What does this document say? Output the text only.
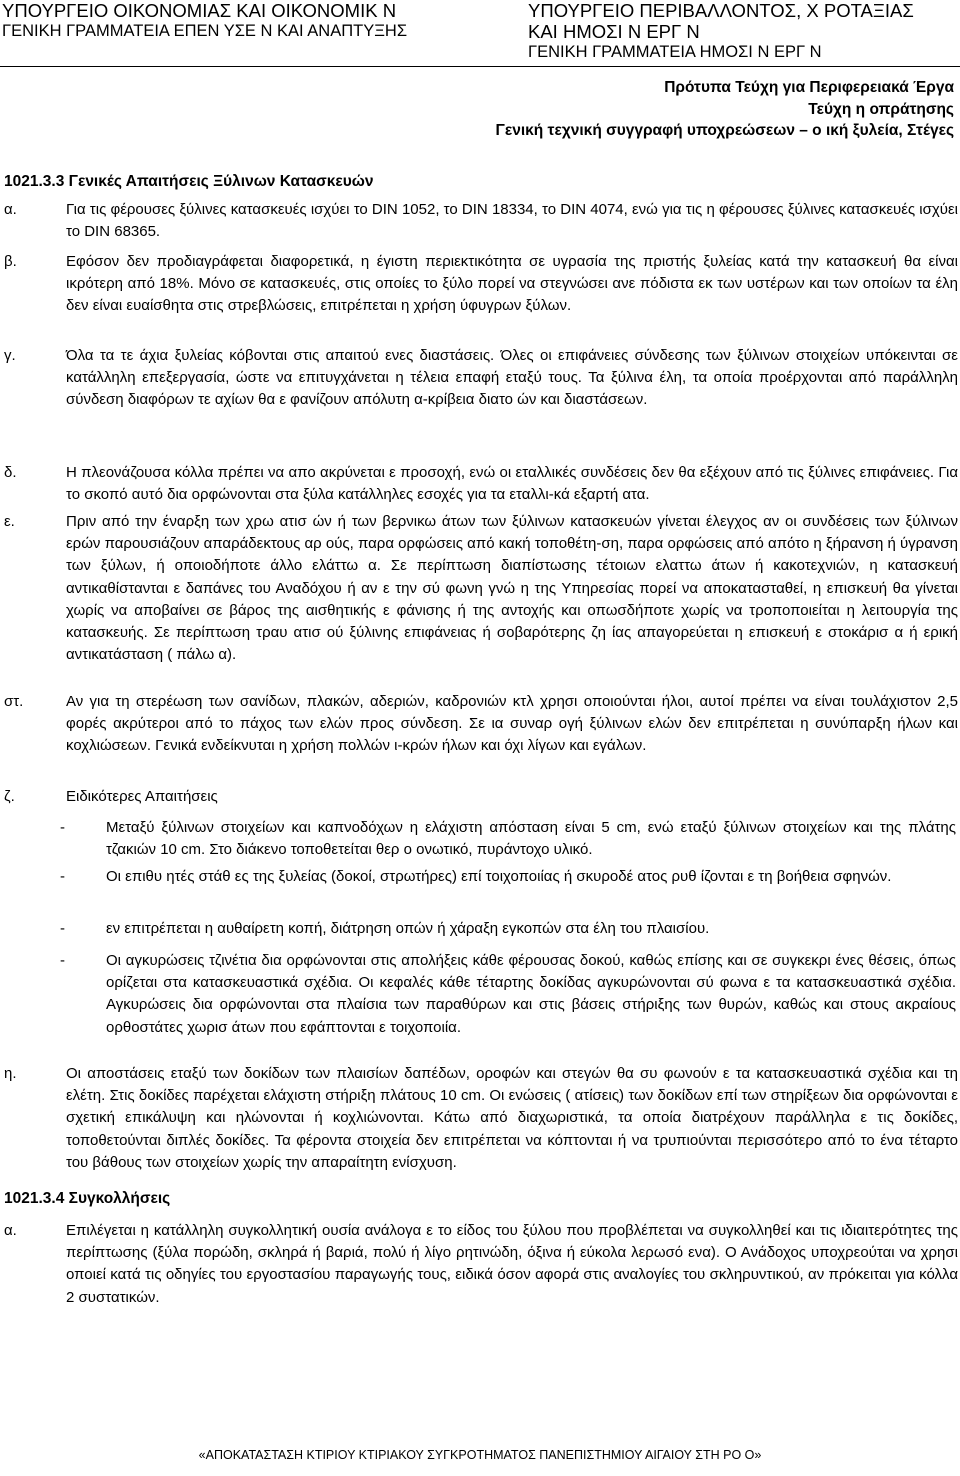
ΥΠΟΥΡΓΕΙΟ ΟΙΚΟΝΟΜΙΑΣ ΚΑΙ ΟΙΚΟΝΟΜΙΚ Ν
ΓΕΝΙΚΗ ΓΡΑΜΜΑΤΕΙΑ ΕΠΕΝ ΥΣΕ Ν ΚΑΙ ΑΝΑΠΤΥΞΗΣ
ΥΠΟΥΡΓΕΙΟ ΠΕΡΙΒΑΛΛΟΝΤΟΣ, Χ ΡΟΤΑΞΙΑΣ
ΚΑΙ ΗΜΟΣΙ Ν ΕΡΓ Ν
ΓΕΝΙΚΗ ΓΡΑΜΜΑΤΕΙΑ ΗΜΟΣΙ Ν ΕΡΓ Ν
Πρότυπα Τεύχη για Περιφερειακά Έργα
Τεύχη η οπράτησης
Γενική τεχνική συγγραφή υποχρεώσεων – ο ική ξυλεία, Στέγες
1021.3.3 Γενικές Απαιτήσεις Ξύλινων Κατασκευών
α.	Για τις φέρουσες ξύλινες κατασκευές ισχύει το DIN 1052, το DIN 18334, το DIN 4074, ενώ για τις η φέρουσες ξύλινες κατασκευές ισχύει το DIN 68365.
β.	Εφόσον δεν προδιαγράφεται διαφορετικά, η έγιστη περιεκτικότητα σε υγρασία της πριστής ξυλείας κατά την κατασκευή θα είναι ικρότερη από 18%. Μόνο σε κατασκευές, στις οποίες το ξύλο πορεί να στεγνώσει ανε πόδιστα εκ των υστέρων και των οποίων τα έλη δεν είναι ευαίσθητα στις στρεβλώσεις, επιτρέπεται η χρήση ύφυγρων ξύλων.
γ.	Όλα τα τε άχια ξυλείας κόβονται στις απαιτού ενες διαστάσεις. Όλες οι επιφάνειες σύνδεσης των ξύλινων στοιχείων υπόκεινται σε κατάλληλη επεξεργασία, ώστε να επιτυγχάνεται η τέλεια επαφή εταξύ τους. Τα ξύλινα έλη, τα οποία προέρχονται από παράλληλη σύνδεση διαφόρων τε αχίων θα ε φανίζουν απόλυτη α-κρίβεια διατο ών και διαστάσεων.
δ.	Η πλεονάζουσα κόλλα πρέπει να απο ακρύνεται ε προσοχή, ενώ οι εταλλικές συνδέσεις δεν θα εξέχουν από τις ξύλινες επιφάνειες. Για το σκοπό αυτό δια ορφώνονται στα ξύλα κατάλληλες εσοχές για τα εταλλι-κά εξαρτή ατα.
ε.	Πριν από την έναρξη των χρω ατισ ών ή των βερνικω άτων των ξύλινων κατασκευών γίνεται έλεγχος αν οι συνδέσεις των ξύλινων ερών παρουσιάζουν απαράδεκτους αρ ούς, παρα ορφώσεις από κακή τοποθέτη-ση, παρα ορφώσεις από απότο η ξήρανση ή ύγρανση των ξύλων, ή οποιοδήποτε άλλο ελάττω α. Σε περίπτωση διαπίστωσης τέτοιων ελαττω άτων ή κακοτεχνιών, η κατασκευή αντικαθίστανται ε δαπάνες του Αναδόχου ή αν ε την σύ φωνη γνώ η της Υπηρεσίας πορεί να αποκατασταθεί, η επισκευή θα γίνεται χωρίς να αποβαίνει σε βάρος της αισθητικής ε φάνισης ή της αντοχής και οπωσδήποτε χωρίς να τροποποιείται η λειτουργία της κατασκευής. Σε περίπτωση τραυ ατισ ού ξύλινης επιφάνειας ή σοβαρότερης ζη ίας απαγορεύεται η επισκευή ε στοκάρισ α ή ερική αντικατάσταση ( πάλω α).
στ.	Αν για τη στερέωση των σανίδων, πλακών, αδεριών, καδρονιών κτλ χρησι οποιούνται ήλοι, αυτοί πρέπει να είναι τουλάχιστον 2,5 φορές ακρύτεροι από το πάχος των ελών προς σύνδεση. Σε ια συναρ ογή ξύλινων ελών δεν επιτρέπεται η συνύπαρξη ήλων και κοχλιώσεων. Γενικά ενδείκνυται η χρήση πολλών ι-κρών ήλων και όχι λίγων και εγάλων.
ζ.	Ειδικότερες Απαιτήσεις
-	Μεταξύ ξύλινων στοιχείων και καπνοδόχων η ελάχιστη απόσταση είναι 5 cm, ενώ εταξύ ξύλινων στοιχείων και της πλάτης τζακιών 10 cm. Στο διάκενο τοποθετείται θερ ο ονωτικό, πυράντοχο υλικό.
-	Οι επιθυ ητές στάθ ες της ξυλείας (δοκοί, στρωτήρες) επί τοιχοποιίας ή σκυροδέ ατος ρυθ ίζονται ε τη βοήθεια σφηνών.
-	εν επιτρέπεται η αυθαίρετη κοπή, διάτρηση οπών ή χάραξη εγκοπών στα έλη του πλαισίου.
-	Οι αγκυρώσεις τζινέτια δια ορφώνονται στις απολήξεις κάθε φέρουσας δοκού, καθώς επίσης και σε συγκεκρι ένες θέσεις, όπως ορίζεται στα κατασκευαστικά σχέδια. Οι κεφαλές κάθε τέταρτης δοκίδας αγκυρώνονται σύ φωνα ε τα κατασκευαστικά σχέδια. Αγκυρώσεις δια ορφώνονται στα πλαίσια των παραθύρων και στις βάσεις στήριξης των θυρών, καθώς και στους ακραίους ορθοστάτες χωρισ άτων που εφάπτονται ε τοιχοποιία.
η.	Οι αποστάσεις εταξύ των δοκίδων των πλαισίων δαπέδων, οροφών και στεγών θα συ φωνούν ε τα κατασκευαστικά σχέδια και τη ελέτη. Στις δοκίδες παρέχεται ελάχιστη στήριξη πλάτους 10 cm. Οι ενώσεις ( ατίσεις) των δοκίδων επί των στηρίξεων δια ορφώνονται ε σχετική επικάλυψη και ηλώνονται ή κοχλιώνονται. Κάτω από διαχωριστικά, τα οποία διατρέχουν παράλληλα ε τις δοκίδες, τοποθετούνται διπλές δοκίδες. Τα φέροντα στοιχεία δεν επιτρέπεται να κόπτονται ή να τρυπιούνται περισσότερο από το ένα τέταρτο του βάθους των στοιχείων χωρίς την απαραίτητη ενίσχυση.
1021.3.4 Συγκολλήσεις
α.	Επιλέγεται η κατάλληλη συγκολλητική ουσία ανάλογα ε το είδος του ξύλου που προβλέπεται να συγκολληθεί και τις ιδιαιτερότητες της περίπτωσης (ξύλα πορώδη, σκληρά ή βαριά, πολύ ή λίγο ρητινώδη, όξινα ή εύκολα λερωσό ενα). Ο Ανάδοχος υποχρεούται να χρησι οποιεί κατά τις οδηγίες του εργοστασίου παραγωγής τους, ειδικά όσον αφορά στις αναλογίες του σκληρυντικού, αν πρόκειται για κόλλα 2 συστατικών.
«ΑΠΟΚΑΤΑΣΤΑΣΗ ΚΤΙΡΙΟΥ ΚΤΙΡΙΑΚΟΥ ΣΥΓΚΡΟΤΗΜΑΤΟΣ ΠΑΝΕΠΙΣΤΗΜΙΟΥ ΑΙΓΑΙΟΥ ΣΤΗ ΡΟ Ο»
